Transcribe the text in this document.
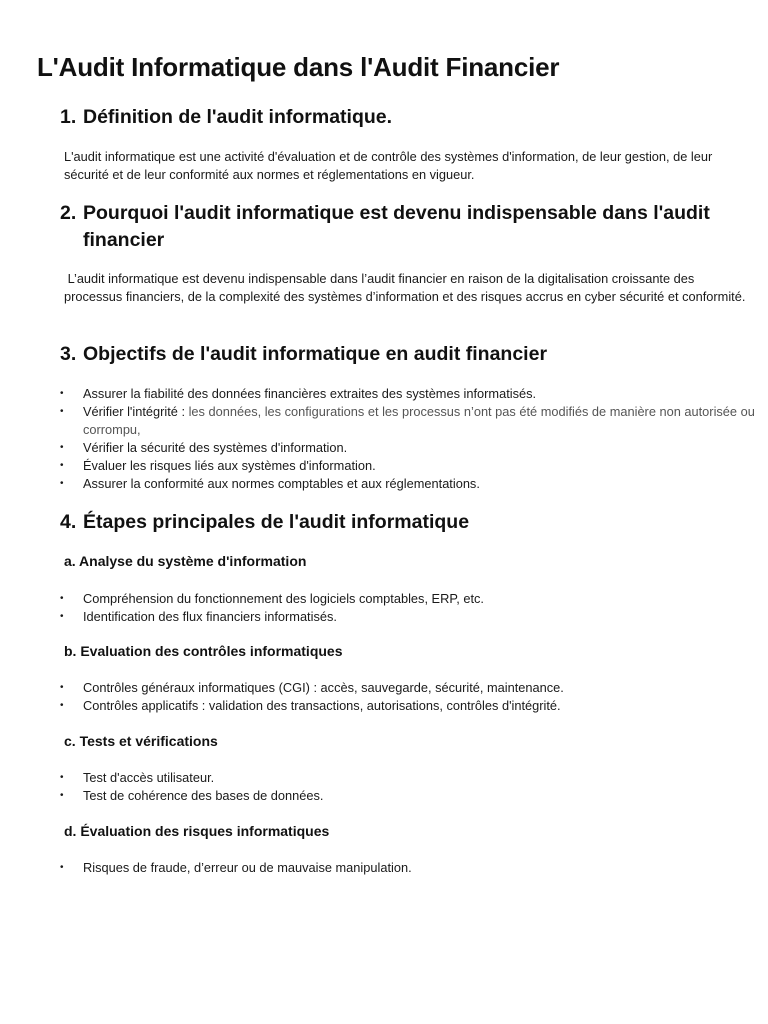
L'Audit Informatique dans l'Audit Financier
1. Définition de l'audit informatique.

L'audit informatique est une activité d'évaluation et de contrôle des systèmes d'information, de leur gestion, de leur sécurité et de leur conformité aux normes et réglementations en vigueur.

2. Pourquoi l'audit informatique est devenu indispensable dans l'audit
financier

L’audit informatique est devenu indispensable dans l’audit financier en raison de la digitalisation croissante des processus financiers, de la complexité des systèmes d’information et des risques accrus en cyber sécurité et conformité.

3. Objectifs de l'audit informatique en audit financier
• Assurer la fiabilité des données financières extraites des systèmes informatisés.
• Vérifier l'intégrité : les données, les configurations et les processus n’ont pas été modifiés de manière non autorisée ou corrompu,
• Vérifier la sécurité des systèmes d'information.
• Évaluer les risques liés aux systèmes d'information.
• Assurer la conformité aux normes comptables et aux réglementations.
4. Étapes principales de l'audit informatique
a. Analyse du système d'information
• Compréhension du fonctionnement des logiciels comptables, ERP, etc.
• Identification des flux financiers informatisés.
b. Evaluation des contrôles informatiques
• Contrôles généraux informatiques (CGI) : accès, sauvegarde, sécurité, maintenance.
• Contrôles applicatifs : validation des transactions, autorisations, contrôles d'intégrité.
c. Tests et vérifications
• Test d'accès utilisateur.
• Test de cohérence des bases de données.
d. Évaluation des risques informatiques
• Risques de fraude, d’erreur ou de mauvaise manipulation.
